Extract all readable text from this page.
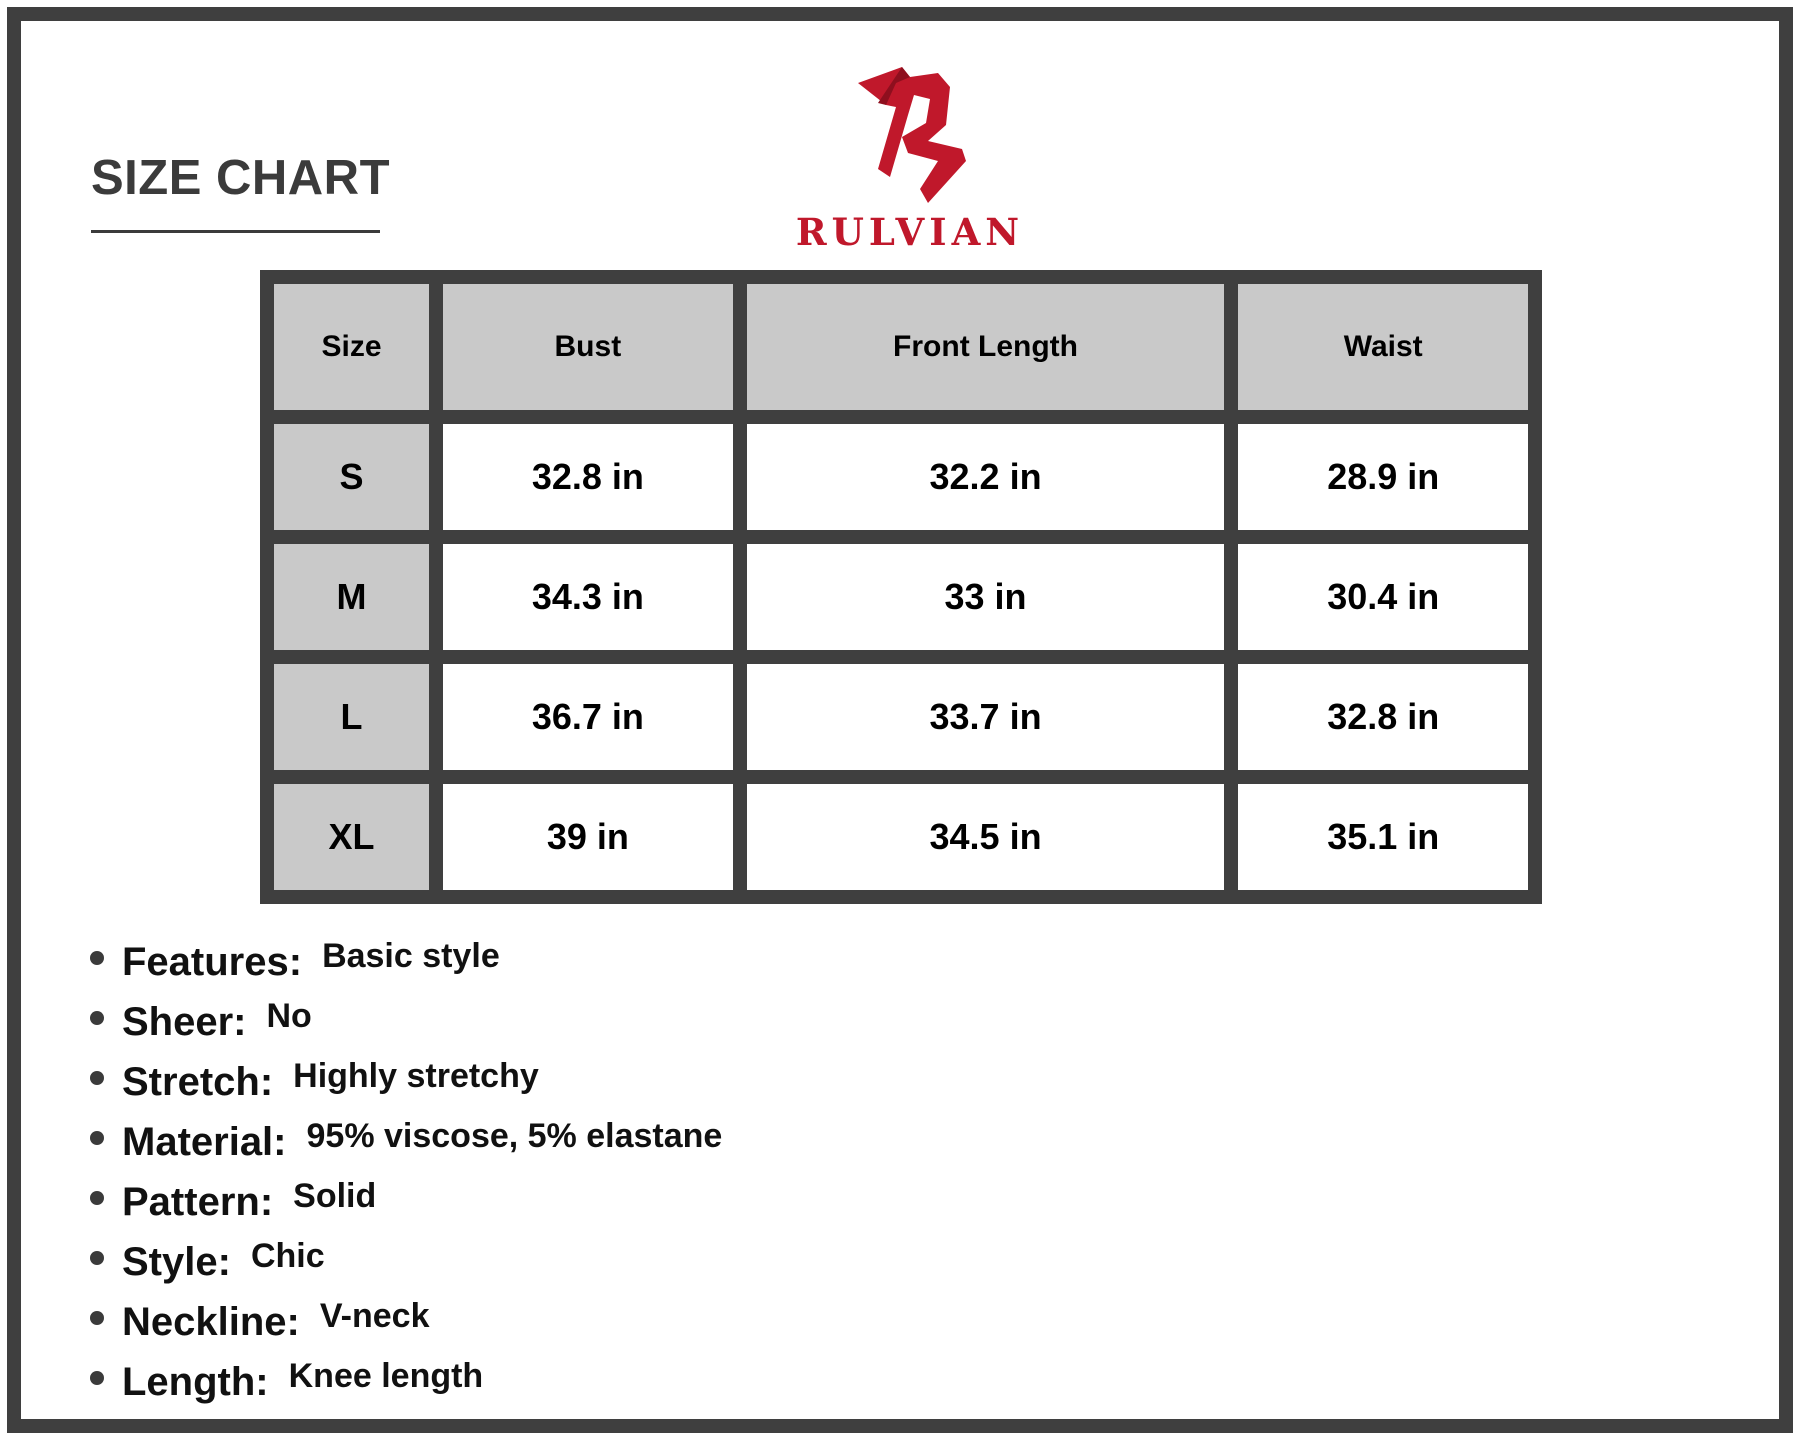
SIZE CHART
RULVIAN
Size	Bust	Front Length	Waist
S	32.8 in	32.2 in	28.9 in
M	34.3 in	33 in	30.4 in
L	36.7 in	33.7 in	32.8 in
XL	39 in	34.5 in	35.1 in
Features: Basic style
Sheer: No
Stretch: Highly stretchy
Material: 95% viscose, 5% elastane
Pattern: Solid
Style: Chic
Neckline: V-neck
Length: Knee length
